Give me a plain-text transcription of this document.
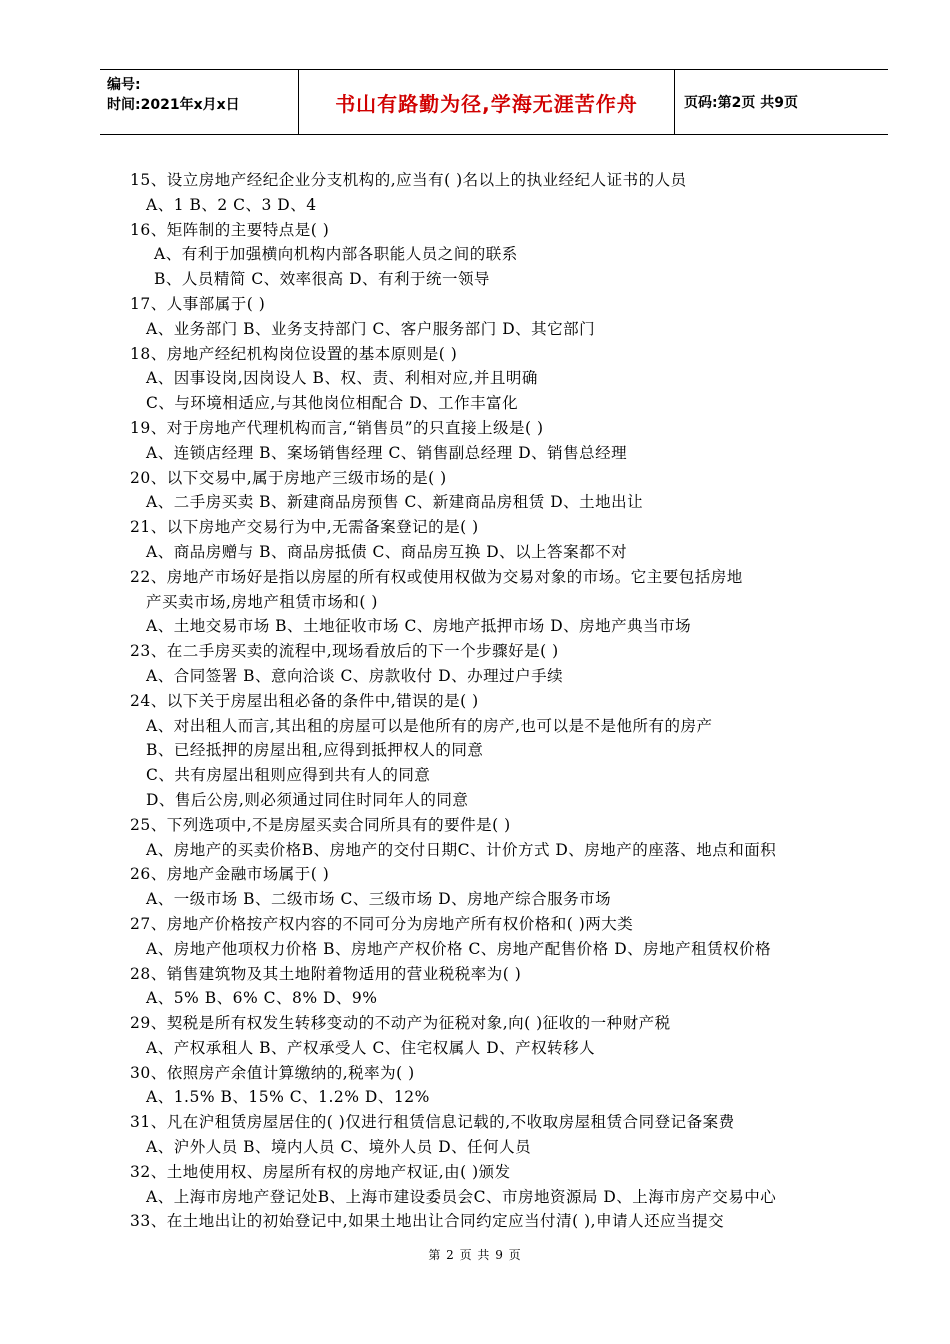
编号:
时间:2021年x月x日	书山有路勤为径,学海无涯苦作舟	页码:第2页 共9页
15、设立房地产经纪企业分支机构的,应当有( )名以上的执业经纪人证书的人员
A、1 B、2 C、3 D、4
16、矩阵制的主要特点是( )
A、有利于加强横向机构内部各职能人员之间的联系
B、人员精简 C、效率很高 D、有利于统一领导
17、人事部属于( )
A、业务部门 B、业务支持部门 C、客户服务部门 D、其它部门
18、房地产经纪机构岗位设置的基本原则是( )
A、因事设岗,因岗设人 B、权、责、利相对应,并且明确
C、与环境相适应,与其他岗位相配合 D、工作丰富化
19、对于房地产代理机构而言,“销售员”的只直接上级是( )
A、连锁店经理 B、案场销售经理 C、销售副总经理 D、销售总经理
20、以下交易中,属于房地产三级市场的是( )
A、二手房买卖 B、新建商品房预售 C、新建商品房租赁 D、土地出让
21、以下房地产交易行为中,无需备案登记的是( )
A、商品房赠与 B、商品房抵债 C、商品房互换 D、以上答案都不对
22、房地产市场好是指以房屋的所有权或使用权做为交易对象的市场。它主要包括房地
产买卖市场,房地产租赁市场和( )
A、土地交易市场 B、土地征收市场 C、房地产抵押市场 D、房地产典当市场
23、在二手房买卖的流程中,现场看放后的下一个步骤好是( )
A、合同签署 B、意向洽谈 C、房款收付 D、办理过户手续
24、以下关于房屋出租必备的条件中,错误的是( )
A、对出租人而言,其出租的房屋可以是他所有的房产,也可以是不是他所有的房产
B、已经抵押的房屋出租,应得到抵押权人的同意
C、共有房屋出租则应得到共有人的同意
D、售后公房,则必须通过同住时同年人的同意
25、下列选项中,不是房屋买卖合同所具有的要件是( )
A、房地产的买卖价格B、房地产的交付日期C、计价方式 D、房地产的座落、地点和面积
26、房地产金融市场属于( )
A、一级市场 B、二级市场 C、三级市场 D、房地产综合服务市场
27、房地产价格按产权内容的不同可分为房地产所有权价格和( )两大类
A、房地产他项权力价格 B、房地产产权价格 C、房地产配售价格 D、房地产租赁权价格
28、销售建筑物及其土地附着物适用的营业税税率为( )
A、5% B、6% C、8% D、9%
29、契税是所有权发生转移变动的不动产为征税对象,向( )征收的一种财产税
A、产权承租人 B、产权承受人 C、住宅权属人 D、产权转移人
30、依照房产余值计算缴纳的,税率为( )
A、1.5% B、15% C、1.2% D、12%
31、凡在沪租赁房屋居住的( )仅进行租赁信息记载的,不收取房屋租赁合同登记备案费
A、沪外人员 B、境内人员 C、境外人员 D、任何人员
32、土地使用权、房屋所有权的房地产权证,由( )颁发
A、上海市房地产登记处B、上海市建设委员会C、市房地资源局 D、上海市房产交易中心
33、在土地出让的初始登记中,如果土地出让合同约定应当付清( ),申请人还应当提交
第 2 页 共 9 页
